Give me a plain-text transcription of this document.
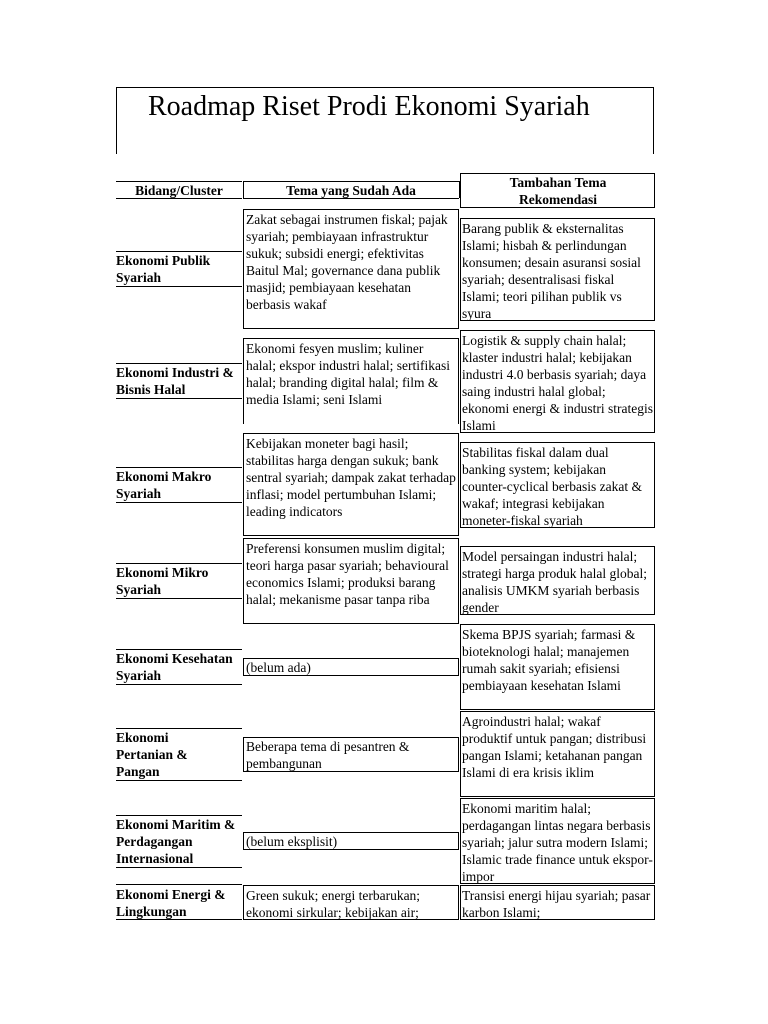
Roadmap Riset Prodi Ekonomi Syariah
Bidang/Cluster	Tema yang Sudah Ada
Tambahan Tema Rekomendasi
Ekonomi Publik Syariah
Zakat sebagai instrumen fiskal; pajak syariah; pembiayaan infrastruktur sukuk; subsidi energi; efektivitas Baitul Mal; governance dana publik masjid; pembiayaan kesehatan berbasis wakaf
Barang publik & eksternalitas Islami; hisbah & perlindungan konsumen; desain asuransi sosial syariah; desentralisasi fiskal Islami; teori pilihan publik vs syura
Ekonomi Industri & Bisnis Halal
Ekonomi fesyen muslim; kuliner halal; ekspor industri halal; sertifikasi halal; branding digital halal; film & media Islami; seni Islami
Logistik & supply chain halal; klaster industri halal; kebijakan industri 4.0 berbasis syariah; daya saing industri halal global; ekonomi energi & industri strategis Islami
Ekonomi Makro Syariah
Kebijakan moneter bagi hasil; stabilitas harga dengan sukuk; bank sentral syariah; dampak zakat terhadap inflasi; model pertumbuhan Islami; leading indicators
Stabilitas fiskal dalam dual banking system; kebijakan counter-cyclical berbasis zakat & wakaf; integrasi kebijakan moneter-fiskal syariah
Ekonomi Mikro Syariah
Preferensi konsumen muslim digital; teori harga pasar syariah; behavioural economics Islami; produksi barang halal; mekanisme pasar tanpa riba
Model persaingan industri halal; strategi harga produk halal global; analisis UMKM syariah berbasis gender
Ekonomi Kesehatan Syariah
(belum ada)
Skema BPJS syariah; farmasi & bioteknologi halal; manajemen rumah sakit syariah; efisiensi pembiayaan kesehatan Islami
Ekonomi Pertanian & Pangan
Beberapa tema di pesantren & pembangunan
Agroindustri halal; wakaf produktif untuk pangan; distribusi pangan Islami; ketahanan pangan Islami di era krisis iklim
Ekonomi Maritim & Perdagangan Internasional
(belum eksplisit)
Ekonomi maritim halal; perdagangan lintas negara berbasis syariah; jalur sutra modern Islami; Islamic trade finance untuk ekspor-impor
Ekonomi Energi & Lingkungan
Green sukuk; energi terbarukan; ekonomi sirkular; kebijakan air;
Transisi energi hijau syariah; pasar karbon Islami;
